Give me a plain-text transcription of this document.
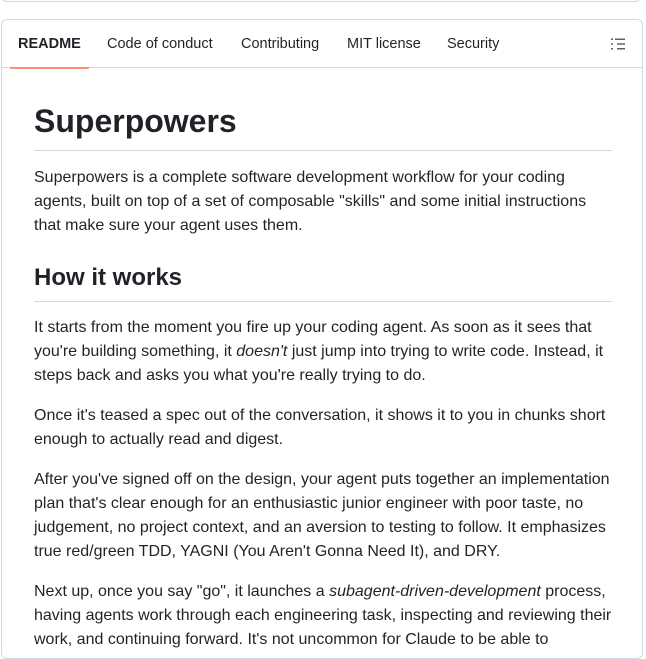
README Code of conduct Contributing MIT license Security
Superpowers

Superpowers is a complete software development workflow for your coding agents, built on top of a set of composable "skills" and some initial instructions that make sure your agent uses them.

How it works

It starts from the moment you fire up your coding agent. As soon as it sees that you're building something, it doesn't just jump into trying to write code. Instead, it steps back and asks you what you're really trying to do.

Once it's teased a spec out of the conversation, it shows it to you in chunks short enough to actually read and digest.

After you've signed off on the design, your agent puts together an implementation plan that's clear enough for an enthusiastic junior engineer with poor taste, no judgement, no project context, and an aversion to testing to follow. It emphasizes true red/green TDD, YAGNI (You Aren't Gonna Need It), and DRY.

Next up, once you say "go", it launches a subagent-driven-development process, having agents work through each engineering task, inspecting and reviewing their work, and continuing forward. It's not uncommon for Claude to be able to
